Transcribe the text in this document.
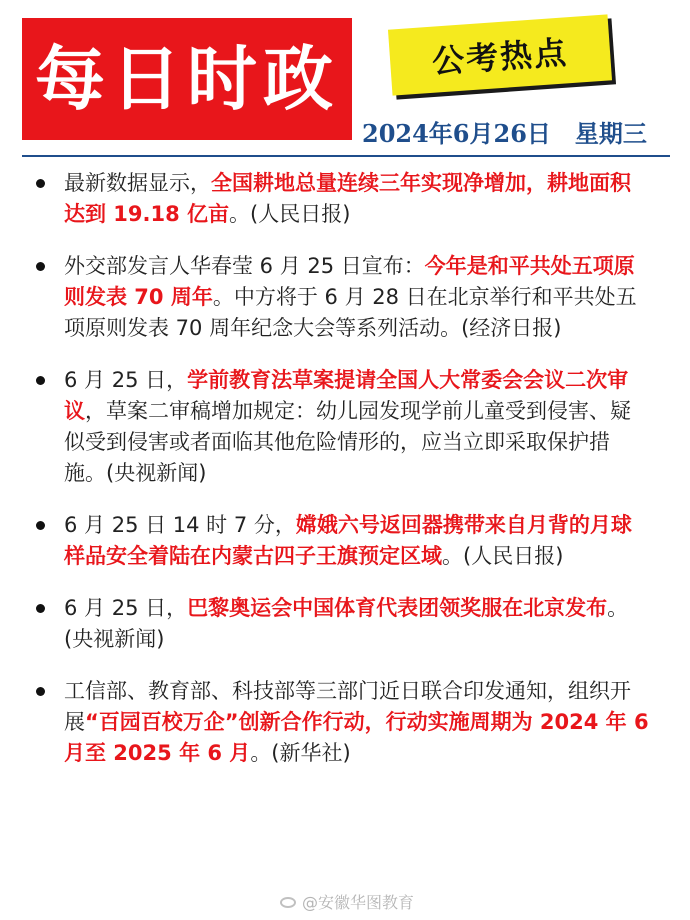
每日时政	公考热点
2024年6月26日　星期三
最新数据显示，全国耕地总量连续三年实现净增加，耕地面积达到 19.18 亿亩。(人民日报)
外交部发言人华春莹 6 月 25 日宣布：今年是和平共处五项原则发表 70 周年。中方将于 6 月 28 日在北京举行和平共处五项原则发表 70 周年纪念大会等系列活动。(经济日报)
6 月 25 日，学前教育法草案提请全国人大常委会会议二次审议，草案二审稿增加规定：幼儿园发现学前儿童受到侵害、疑似受到侵害或者面临其他危险情形的，应当立即采取保护措施。(央视新闻)
6 月 25 日 14 时 7 分，嫦娥六号返回器携带来自月背的月球样品安全着陆在内蒙古四子王旗预定区域。(人民日报)
6 月 25 日，巴黎奥运会中国体育代表团领奖服在北京发布。(央视新闻)
工信部、教育部、科技部等三部门近日联合印发通知，组织开展“百园百校万企”创新合作行动，行动实施周期为 2024 年 6 月至 2025 年 6 月。(新华社)
@安徽华图教育
